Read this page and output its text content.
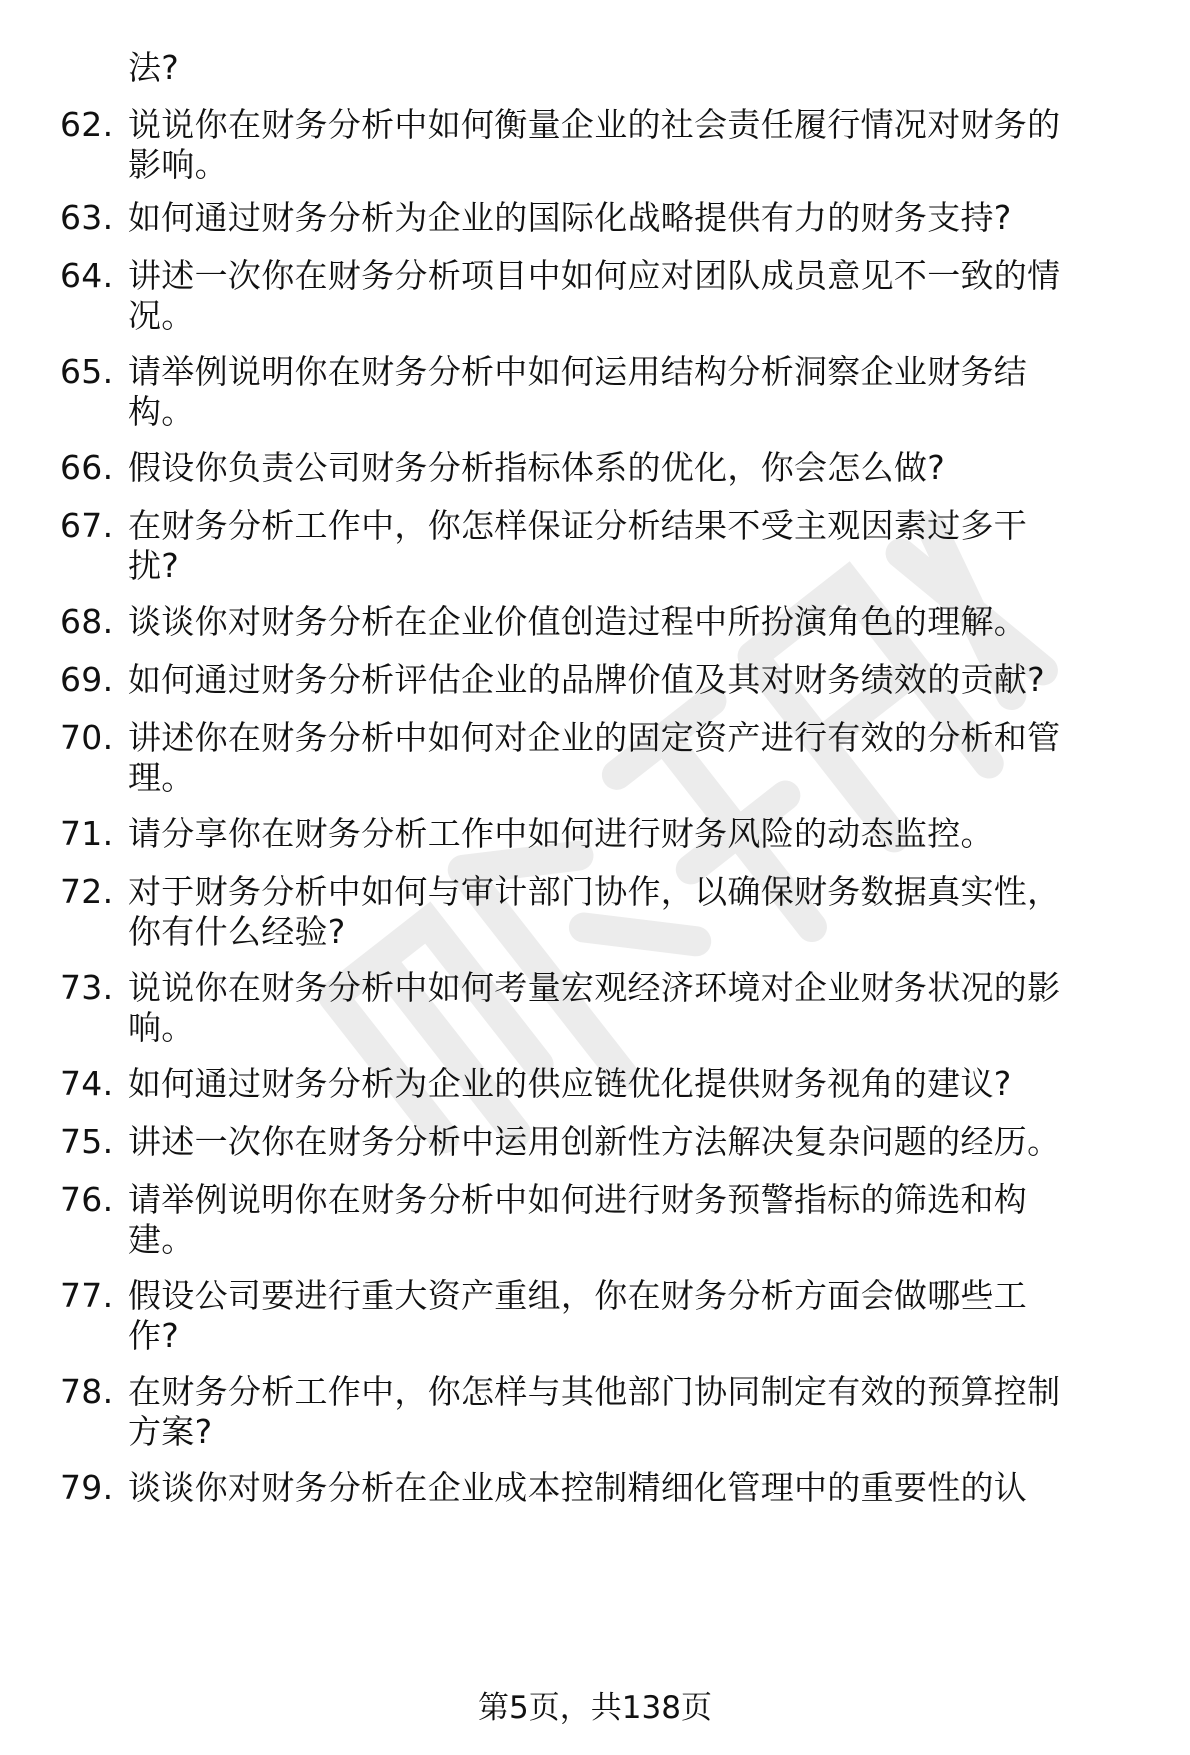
法?
62. 说说你在财务分析中如何衡量企业的社会责任履行情况对财务的
影响。
63. 如何通过财务分析为企业的国际化战略提供有力的财务支持?
64. 讲述一次你在财务分析项目中如何应对团队成员意见不一致的情
况。
65. 请举例说明你在财务分析中如何运用结构分析洞察企业财务结
构。
66. 假设你负责公司财务分析指标体系的优化，你会怎么做?
67. 在财务分析工作中，你怎样保证分析结果不受主观因素过多干
扰?
68. 谈谈你对财务分析在企业价值创造过程中所扮演角色的理解。
69. 如何通过财务分析评估企业的品牌价值及其对财务绩效的贡献?
70. 讲述你在财务分析中如何对企业的固定资产进行有效的分析和管
理。
71. 请分享你在财务分析工作中如何进行财务风险的动态监控。
72. 对于财务分析中如何与审计部门协作，以确保财务数据真实性，
你有什么经验?
73. 说说你在财务分析中如何考量宏观经济环境对企业财务状况的影
响。
74. 如何通过财务分析为企业的供应链优化提供财务视角的建议?
75. 讲述一次你在财务分析中运用创新性方法解决复杂问题的经历。
76. 请举例说明你在财务分析中如何进行财务预警指标的筛选和构
建。
77. 假设公司要进行重大资产重组，你在财务分析方面会做哪些工
作?
78. 在财务分析工作中，你怎样与其他部门协同制定有效的预算控制
方案?
79. 谈谈你对财务分析在企业成本控制精细化管理中的重要性的认
第5页，共138页
